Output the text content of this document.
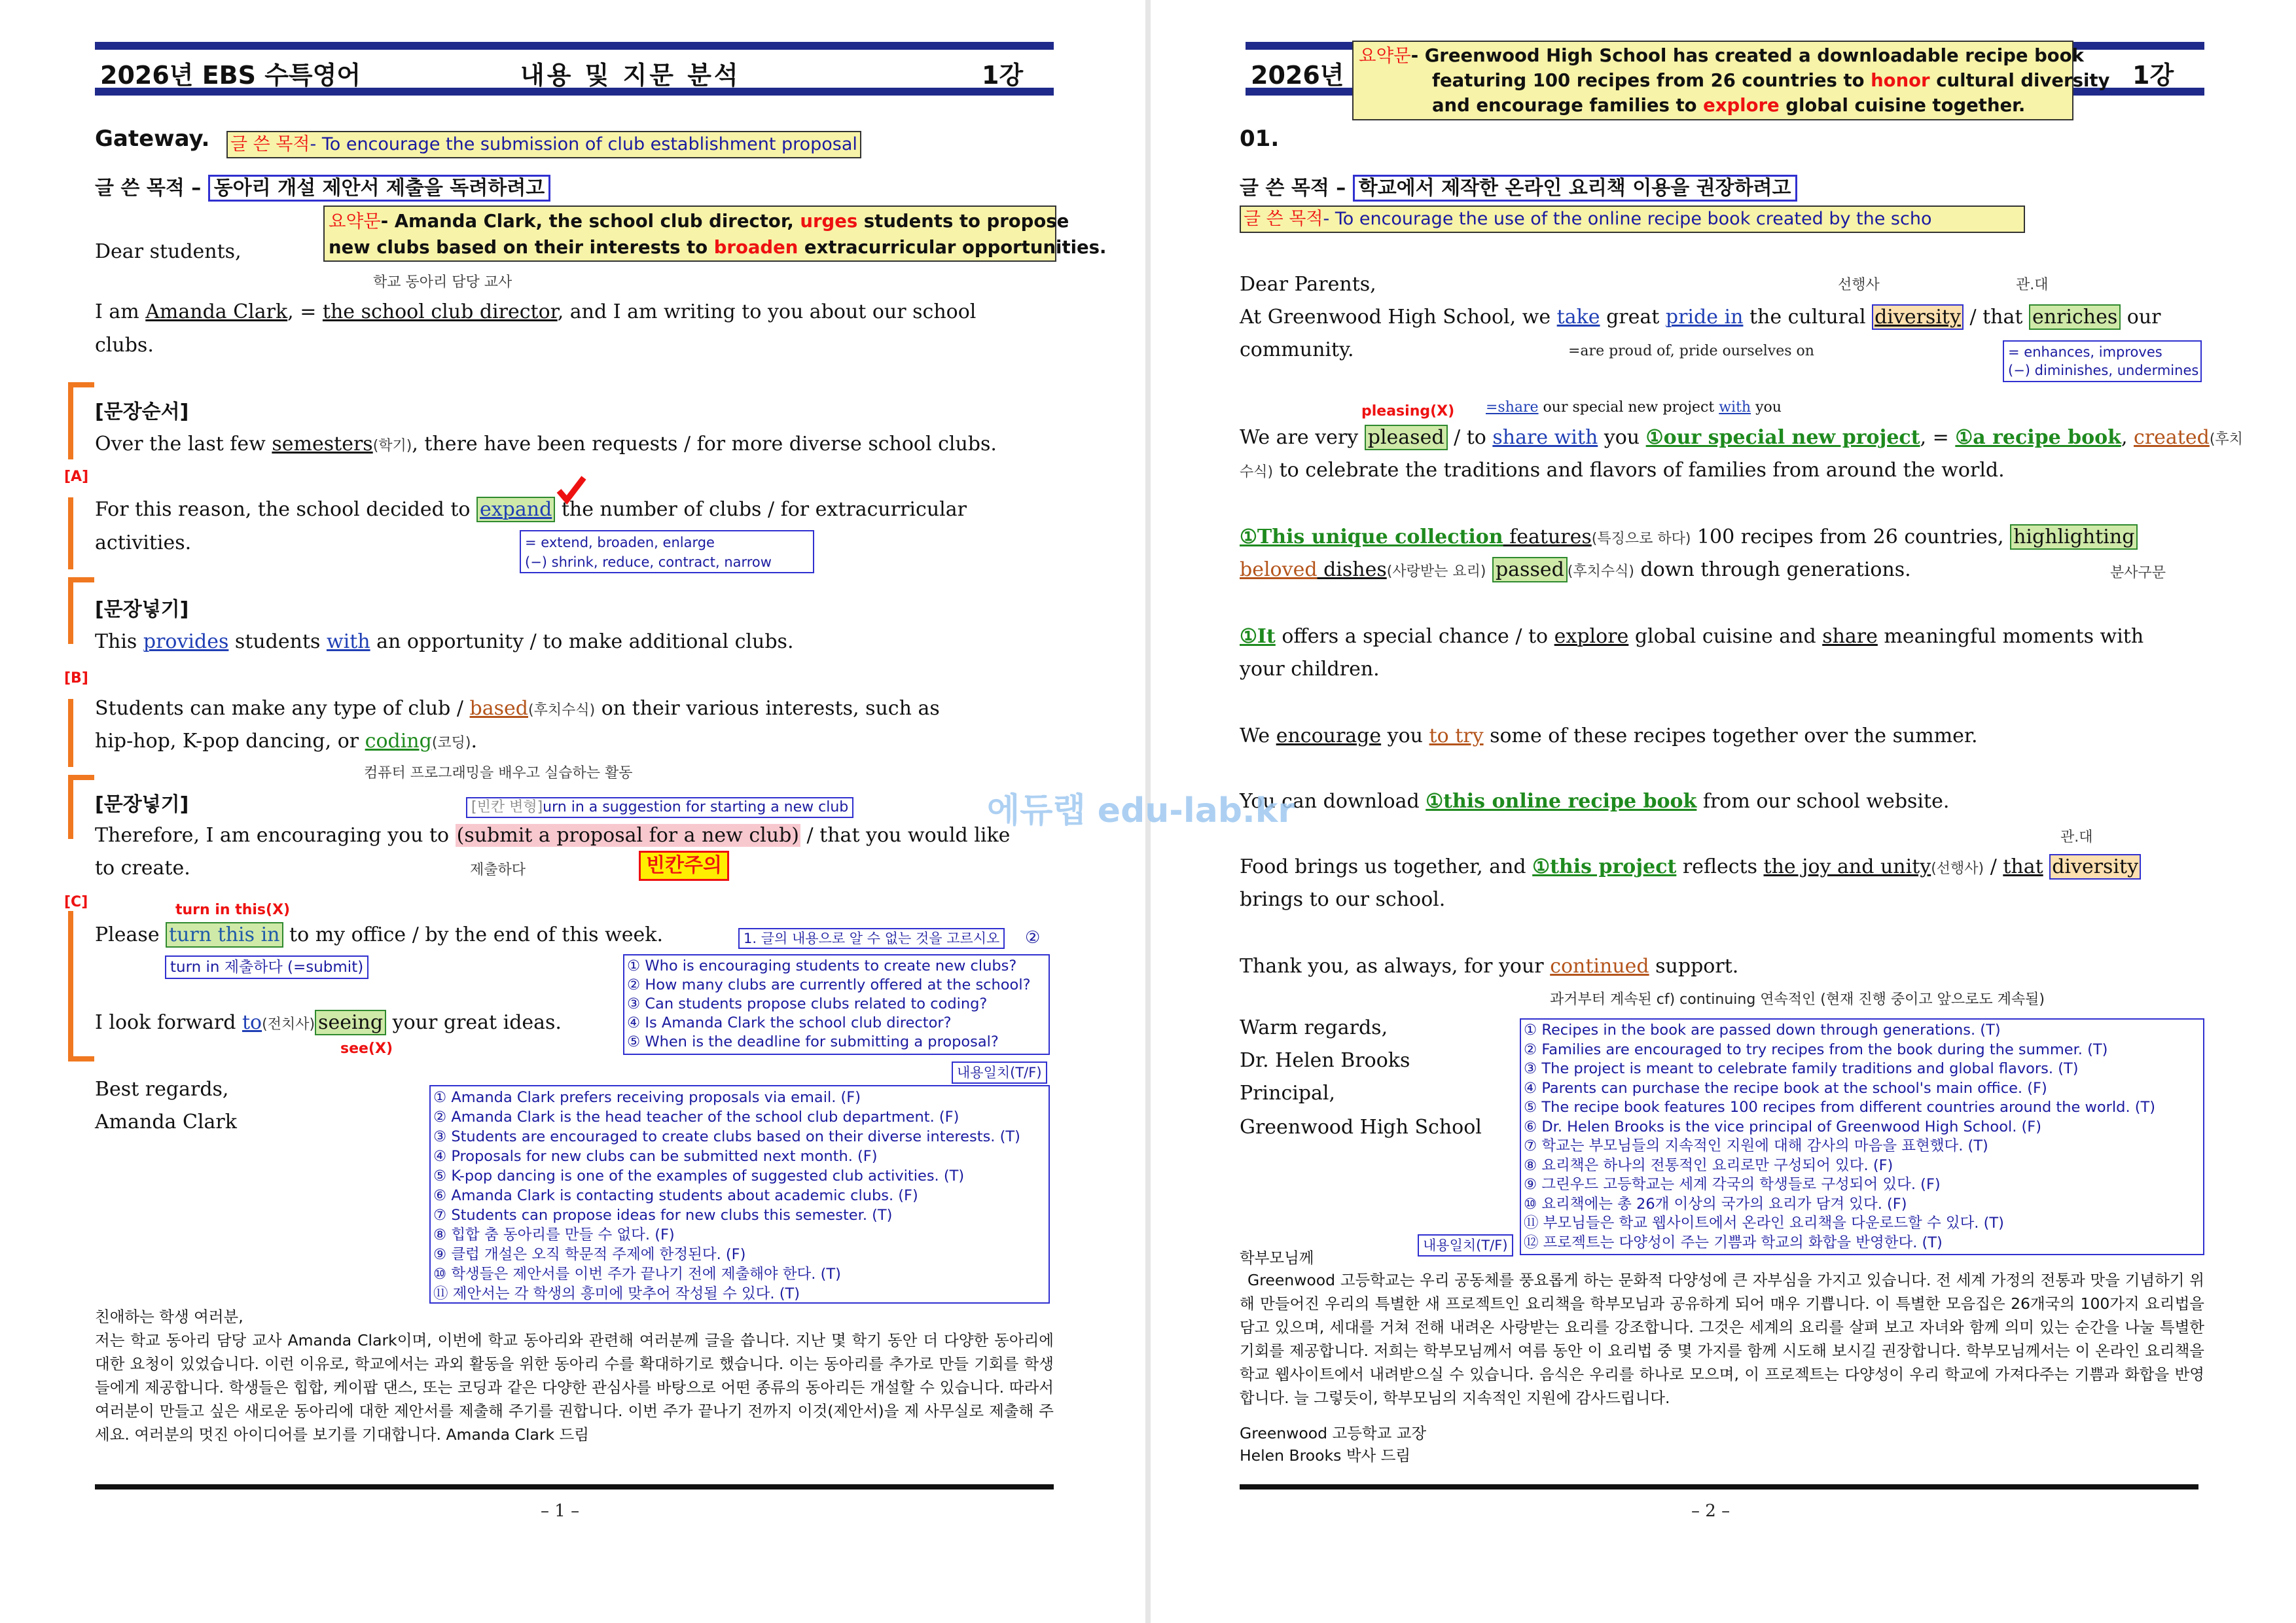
2026년 EBS 수특영어	내용 및 지문 분석	1강
Gateway. 글 쓴 목적- To encourage the submission of club establishment proposal
글 쓴 목적 – 동아리 개설 제안서 제출을 독려하려고
요약문- Amanda Clark, the school club director, urges students to propose
new clubs based on their interests to broaden extracurricular opportunities.
Dear students,
학교 동아리 담당 교사
I am Amanda Clark, = the school club director, and I am writing to you about our school
clubs.
[문장순서]
Over the last few semesters(학기), there have been requests / for more diverse school clubs.
[A]
For this reason, the school decided to expand the number of clubs / for extracurricular
activities.	= extend, broaden, enlarge
(−) shrink, reduce, contract, narrow
[문장넣기]
This provides students with an opportunity / to make additional clubs.
[B]
Students can make any type of club / based(후치수식) on their various interests, such as
hip-hop, K-pop dancing, or coding(코딩).
컴퓨터 프로그래밍을 배우고 실습하는 활동
[문장넣기]	[빈칸 변형]urn in a suggestion for starting a new club
Therefore, I am encouraging you to (submit a proposal for a new club) / that you would like
to create.	제출하다	빈칸주의
[C]	turn in this(X)
Please turn this in to my office / by the end of this week.
turn in 제출하다 (=submit)
1. 글의 내용으로 알 수 없는 것을 고르시오	②
① Who is encouraging students to create new clubs?
② How many clubs are currently offered at the school?
③ Can students propose clubs related to coding?
④ Is Amanda Clark the school club director?
⑤ When is the deadline for submitting a proposal?
I look forward to(전치사) seeing your great ideas.
see(X)
내용일치(T/F)
Best regards,
Amanda Clark
① Amanda Clark prefers receiving proposals via email. (F)
② Amanda Clark is the head teacher of the school club department. (F)
③ Students are encouraged to create clubs based on their diverse interests. (T)
④ Proposals for new clubs can be submitted next month. (F)
⑤ K-pop dancing is one of the examples of suggested club activities. (T)
⑥ Amanda Clark is contacting students about academic clubs. (F)
⑦ Students can propose ideas for new clubs this semester. (T)
⑧ 힙합 춤 동아리를 만들 수 없다. (F)
⑨ 클럽 개설은 오직 학문적 주제에 한정된다. (F)
⑩ 학생들은 제안서를 이번 주가 끝나기 전에 제출해야 한다. (T)
⑪ 제안서는 각 학생의 흥미에 맞추어 작성될 수 있다. (T)
친애하는 학생 여러분,
저는 학교 동아리 담당 교사 Amanda Clark이며, 이번에 학교 동아리와 관련해 여러분께 글을 씁니다. 지난 몇 학기 동안 더 다양한 동아리에 대한 요청이 있었습니다. 이런 이유로, 학교에서는 과외 활동을 위한 동아리 수를 확대하기로 했습니다. 이는 동아리를 추가로 만들 기회를 학생들에게 제공합니다. 학생들은 힙합, 케이팝 댄스, 또는 코딩과 같은 다양한 관심사를 바탕으로 어떤 종류의 동아리든 개설할 수 있습니다. 따라서 여러분이 만들고 싶은 새로운 동아리에 대한 제안서를 제출해 주기를 권합니다. 이번 주가 끝나기 전까지 이것(제안서)을 제 사무실로 제출해 주세요. 여러분의 멋진 아이디어를 보기를 기대합니다. Amanda Clark 드림
– 1 –
2026년	1강
요약문- Greenwood High School has created a downloadable recipe book
featuring 100 recipes from 26 countries to honor cultural diversity
and encourage families to explore global cuisine together.
01.
글 쓴 목적 – 학교에서 제작한 온라인 요리책 이용을 권장하려고
글 쓴 목적- To encourage the use of the online recipe book created by the scho
선행사	관.대
Dear Parents,
At Greenwood High School, we take great pride in the cultural diversity / that enriches our
community.	=are proud of, pride ourselves on	= enhances, improves
(−) diminishes, undermines
pleasing(X) =share our special new project with you
We are very pleased / to share with you ①our special new project, = ①a recipe book, created(후치
수식) to celebrate the traditions and flavors of families from around the world.
①This unique collection features(특징으로 하다) 100 recipes from 26 countries, highlighting
beloved dishes(사랑받는 요리) passed (후치수식) down through generations.	분사구문
①It offers a special chance / to explore global cuisine and share meaningful moments with
your children.
We encourage you to try some of these recipes together over the summer.
You can download ①this online recipe book from our school website.
관.대
Food brings us together, and ①this project reflects the joy and unity(선행사) / that diversity
brings to our school.
Thank you, as always, for your continued support.
과거부터 계속된 cf) continuing 연속적인 (현재 진행 중이고 앞으로도 계속될)
Warm regards,
Dr. Helen Brooks
Principal,
Greenwood High School
① Recipes in the book are passed down through generations. (T)
② Families are encouraged to try recipes from the book during the summer. (T)
③ The project is meant to celebrate family traditions and global flavors. (T)
④ Parents can purchase the recipe book at the school's main office. (F)
⑤ The recipe book features 100 recipes from different countries around the world. (T)
⑥ Dr. Helen Brooks is the vice principal of Greenwood High School. (F)
⑦ 학교는 부모님들의 지속적인 지원에 대해 감사의 마음을 표현했다. (T)
⑧ 요리책은 하나의 전통적인 요리로만 구성되어 있다. (F)
⑨ 그린우드 고등학교는 세계 각국의 학생들로 구성되어 있다. (F)
⑩ 요리책에는 총 26개 이상의 국가의 요리가 담겨 있다. (F)
⑪ 부모님들은 학교 웹사이트에서 온라인 요리책을 다운로드할 수 있다. (T)
⑫ 프로젝트는 다양성이 주는 기쁨과 학교의 화합을 반영한다. (T)
내용일치(T/F)
학부모님께
Greenwood 고등학교는 우리 공동체를 풍요롭게 하는 문화적 다양성에 큰 자부심을 가지고 있습니다. 전 세계 가정의 전통과 맛을 기념하기 위해 만들어진 우리의 특별한 새 프로젝트인 요리책을 학부모님과 공유하게 되어 매우 기쁩니다. 이 특별한 모음집은 26개국의 100가지 요리법을 담고 있으며, 세대를 거쳐 전해 내려온 사랑받는 요리를 강조합니다. 그것은 세계의 요리를 살펴 보고 자녀와 함께 의미 있는 순간을 나눌 특별한 기회를 제공합니다. 저희는 학부모님께서 여름 동안 이 요리법 중 몇 가지를 함께 시도해 보시길 권장합니다. 학부모님께서는 이 온라인 요리책을 학교 웹사이트에서 내려받으실 수 있습니다. 음식은 우리를 하나로 모으며, 이 프로젝트는 다양성이 우리 학교에 가져다주는 기쁨과 화합을 반영합니다. 늘 그렇듯이, 학부모님의 지속적인 지원에 감사드립니다.
Greenwood 고등학교 교장
Helen Brooks 박사 드림
– 2 –
에듀랩 edu-lab.kr
